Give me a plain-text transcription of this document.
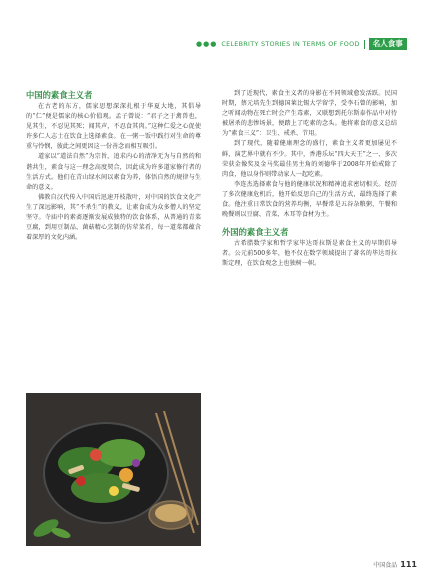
●●● CELEBRITY STORIES IN TERMS OF FOOD	名人食事
中国的素食主义者

在古老的东方，儒家思想深深扎根于华夏大地，其倡导的“仁”便是儒家的核心价值观。孟子曾说：“君子之于禽兽也，见其生，不忍见其死；闻其声，不忍食其肉。”这种仁爱之心促使许多仁人志士在饮食上选择素食。在一粥一饭中践行对生命的尊重与怜悯，彼此之间更因这一份善念而相互吸引。

道家以“道法自然”为宗旨，追求内心的清净无为与自然的和谐共生，素食与这一理念高度契合，因此成为许多道家修行者的生活方式。他们在青山绿水间以素食为养，体悟自然的规律与生命的意义。

佛教自汉代传入中国后迅速开枝散叶，对中国的饮食文化产生了深远影响，其“不杀生”的教义，让素食成为众多僧人的坚定坚守。寺庙中的素斋逐渐发展成独特的饮食体系，从普通的青菜豆腐，到用豆制品、菌菇精心烹制的仿荤菜肴，每一道菜都蕴含着深厚的文化内涵。

到了近现代，素食主义者的身影在不同领域愈发活跃。民国时期，蔡元培先生到德国莱比锡大学留学，受李石曾的影响，加之听闻动物在死亡时会产生毒素，又联想到托尔斯泰作品中对待被屠杀的悲惨场景，便踏上了吃素的念头。他将素食的意义总结为“素食三义”：卫生、戒杀、节用。

到了现代，随着健康理念的盛行，素食主义者更加屡见不鲜，演艺界中就有不少。其中，香港乐坛“四大天王”之一、多次荣获金像奖及金马奖最佳男主角的刘德华于2008年开始戒除了肉食，他以身作则带动家人一起吃素。

李连杰选择素食与他的健康状况和精神追求密切相关。经历了多次健康危机后，他开始反思自己的生活方式，最终选择了素食。他注重日常饮食的营养均衡，早餐常是五谷杂粮粥，午餐和晚餐则以豆腐、青菜、木耳等食材为主。

外国的素食主义者

古希腊数学家和哲学家毕达哥拉斯是素食主义的早期倡导者。公元前500多年，他不仅在数学领域提出了著名的毕达哥拉斯定理，在饮食观念上也独树一帜。

中国食品 111
